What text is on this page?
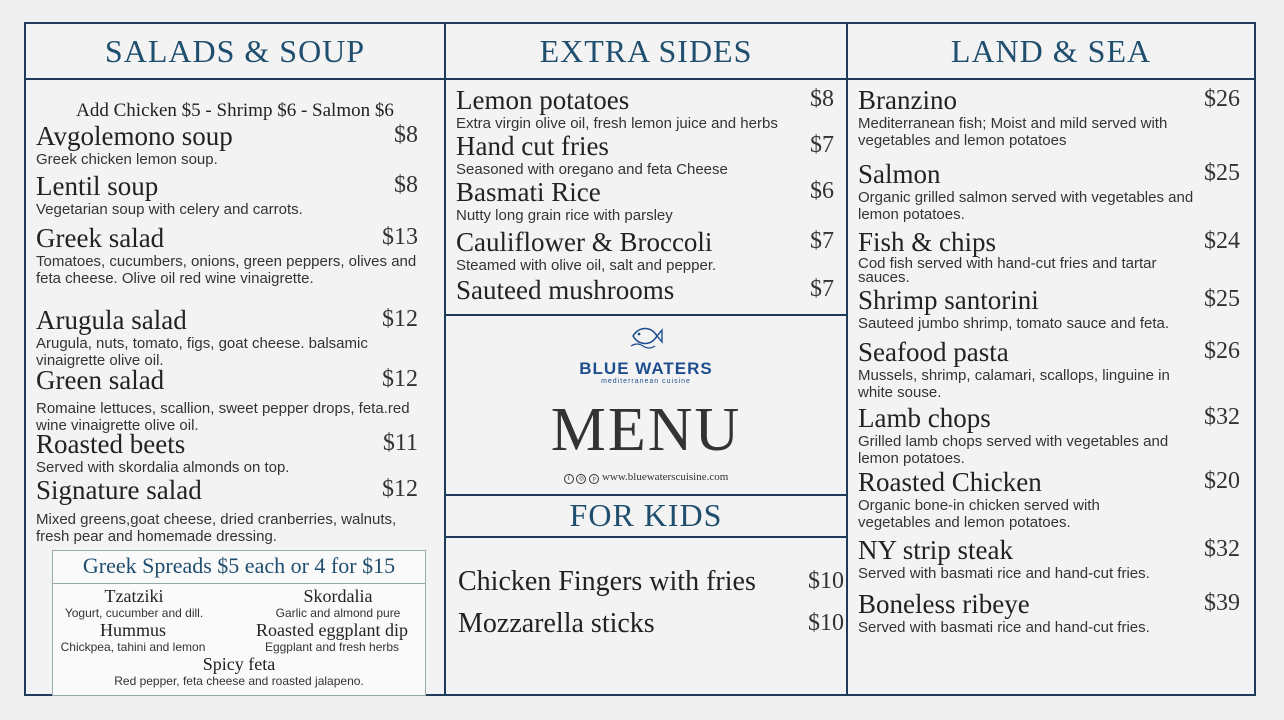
SALADS & SOUP
Add Chicken $5 - Shrimp $6 - Salmon $6
Avgolemono soup	$8
Greek chicken lemon soup.
Lentil soup	$8
Vegetarian soup with celery and carrots.
Greek salad	$13
Tomatoes, cucumbers, onions, green peppers, olives and feta cheese. Olive oil red wine vinaigrette.
Arugula salad	$12
Arugula, nuts, tomato, figs, goat cheese. balsamic vinaigrette olive oil.
Green salad	$12
Romaine lettuces, scallion, sweet pepper drops, feta.red wine vinaigrette olive oil.
Roasted beets	$11
Served with skordalia almonds on top.
Signature salad	$12
Mixed greens,goat cheese, dried cranberries, walnuts, fresh pear and homemade dressing.
Greek Spreads $5 each or 4 for $15
Tzatziki
Yogurt, cucumber and dill.
Skordalia
Garlic and almond pure
Hummus
Chickpea, tahini and lemon
Roasted eggplant dip
Eggplant and fresh herbs
Spicy feta
Red pepper, feta cheese and roasted jalapeno.
EXTRA SIDES
Lemon potatoes	$8
Extra virgin olive oil, fresh lemon juice and herbs
Hand cut fries	$7
Seasoned with oregano and feta Cheese
Basmati Rice	$6
Nutty long grain rice with parsley
Cauliflower & Broccoli	$7
Steamed with olive oil, salt and pepper.
Sauteed mushrooms	$7
BLUE WATERS
mediterranean cuisine
MENU
f ◎ p www.bluewaterscuisine.com
FOR KIDS
Chicken Fingers with fries	$10
Mozzarella sticks	$10
LAND & SEA
Branzino	$26
Mediterranean fish; Moist and mild served with vegetables and lemon potatoes
Salmon	$25
Organic grilled salmon served with vegetables and lemon potatoes.
Fish & chips	$24
Cod fish served with hand-cut fries and tartar sauces.
Shrimp santorini	$25
Sauteed jumbo shrimp, tomato sauce and feta.
Seafood pasta	$26
Mussels, shrimp, calamari, scallops, linguine in white souse.
Lamb chops	$32
Grilled lamb chops served with vegetables and lemon potatoes.
Roasted Chicken	$20
Organic bone-in chicken served with vegetables and lemon potatoes.
NY strip steak	$32
Served with basmati rice and hand-cut fries.
Boneless ribeye	$39
Served with basmati rice and hand-cut fries.
